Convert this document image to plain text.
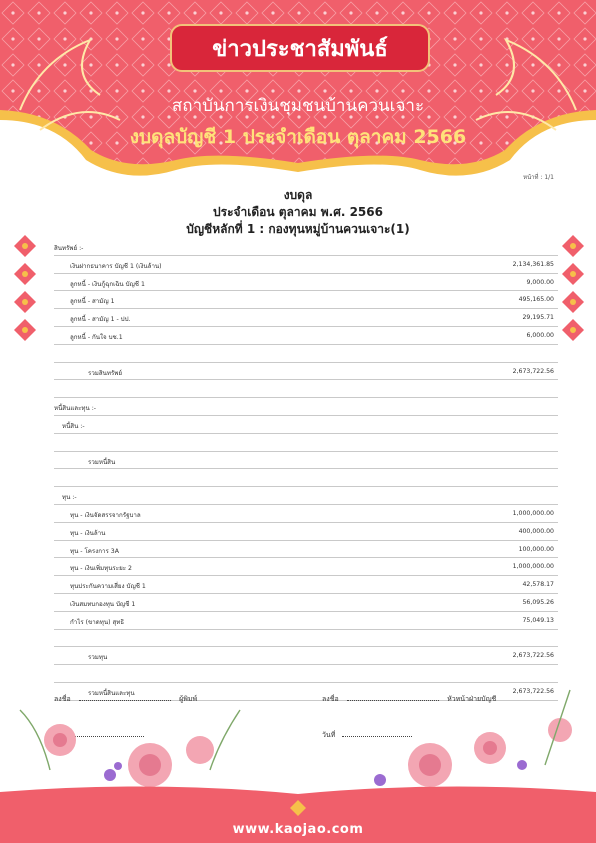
ข่าวประชาสัมพันธ์
สถาบันการเงินชุมชนบ้านควนเจาะ
งบดุลบัญชี 1 ประจำเดือน ตุลาคม 2566
หน้าที่ : 1/1
งบดุล
ประจำเดือน ตุลาคม พ.ศ. 2566
บัญชีหลักที่ 1 : กองทุนหมู่บ้านควนเจาะ(1)
สินทรัพย์ :-
เงินฝากธนาคาร บัญชี 1 (เงินล้าน)	2,134,361.85
ลูกหนี้ - เงินกู้ฉุกเฉิน บัญชี 1	9,000.00
ลูกหนี้ - สามัญ 1	495,165.00
ลูกหนี้ - สามัญ 1 - ปป.	29,195.71
ลูกหนี้ - กันใจ บช.1	6,000.00
รวมสินทรัพย์	2,673,722.56
หนี้สินและทุน :-
หนี้สิน :-
รวมหนี้สิน
ทุน :-
ทุน - เงินจัดสรรจากรัฐบาล	1,000,000.00
ทุน - เงินล้าน	400,000.00
ทุน - โครงการ 3A	100,000.00
ทุน - เงินเพิ่มทุนระยะ 2	1,000,000.00
ทุนประกันความเสี่ยง บัญชี 1	42,578.17
เงินสมทบกองทุน บัญชี 1	56,095.26
กำไร (ขาดทุน) สุทธิ	75,049.13
รวมทุน	2,673,722.56
รวมหนี้สินและทุน	2,673,722.56
ลงชื่อ	ผู้พิมพ์	ลงชื่อ	หัวหน้าฝ่ายบัญชี
วันที่
www.kaojao.com
